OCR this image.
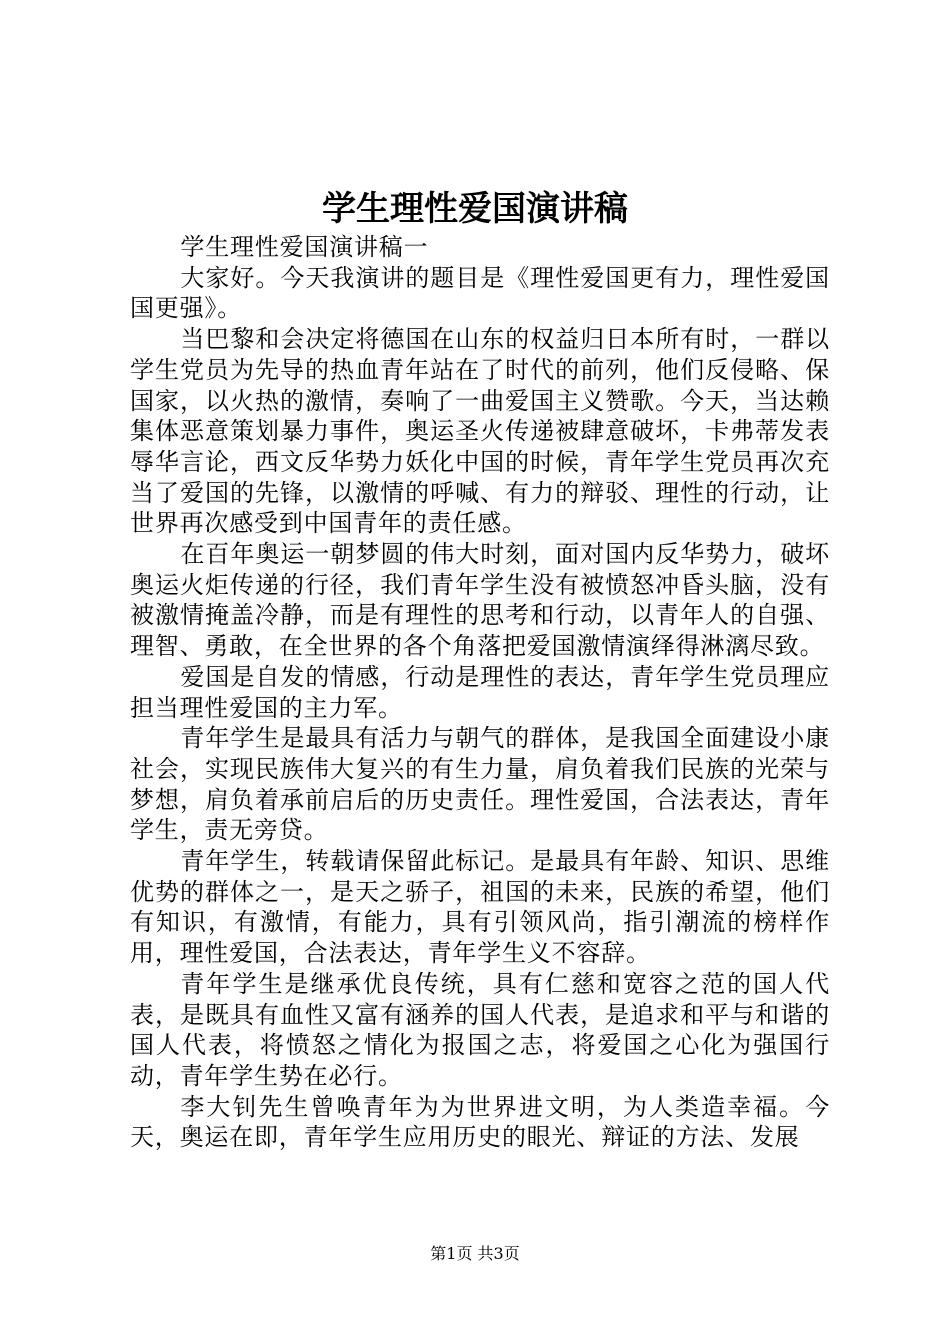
学生理性爱国演讲稿

学生理性爱国演讲稿一

大家好。今天我演讲的题目是《理性爱国更有力，理性爱国国更强》。

当巴黎和会决定将德国在山东的权益归日本所有时，一群以学生党员为先导的热血青年站在了时代的前列，他们反侵略、保国家，以火热的激情，奏响了一曲爱国主义赞歌。今天，当达赖集体恶意策划暴力事件，奥运圣火传递被肆意破坏，卡弗蒂发表辱华言论，西文反华势力妖化中国的时候，青年学生党员再次充当了爱国的先锋，以激情的呼喊、有力的辩驳、理性的行动，让世界再次感受到中国青年的责任感。

在百年奥运一朝梦圆的伟大时刻，面对国内反华势力，破坏奥运火炬传递的行径，我们青年学生没有被愤怒冲昏头脑，没有被激情掩盖冷静，而是有理性的思考和行动，以青年人的自强、理智、勇敢，在全世界的各个角落把爱国激情演绎得淋漓尽致。

爱国是自发的情感，行动是理性的表达，青年学生党员理应担当理性爱国的主力军。

青年学生是最具有活力与朝气的群体，是我国全面建设小康社会，实现民族伟大复兴的有生力量，肩负着我们民族的光荣与梦想，肩负着承前启后的历史责任。理性爱国，合法表达，青年学生，责无旁贷。

青年学生，转载请保留此标记。是最具有年龄、知识、思维优势的群体之一，是天之骄子，祖国的未来，民族的希望，他们有知识，有激情，有能力，具有引领风尚，指引潮流的榜样作用，理性爱国，合法表达，青年学生义不容辞。

青年学生是继承优良传统，具有仁慈和宽容之范的国人代表，是既具有血性又富有涵养的国人代表，是追求和平与和谐的国人代表，将愤怒之情化为报国之志，将爱国之心化为强国行动，青年学生势在必行。

李大钊先生曾唤青年为为世界进文明，为人类造幸福。今天，奥运在即，青年学生应用历史的眼光、辩证的方法、发展

第1页 共3页
